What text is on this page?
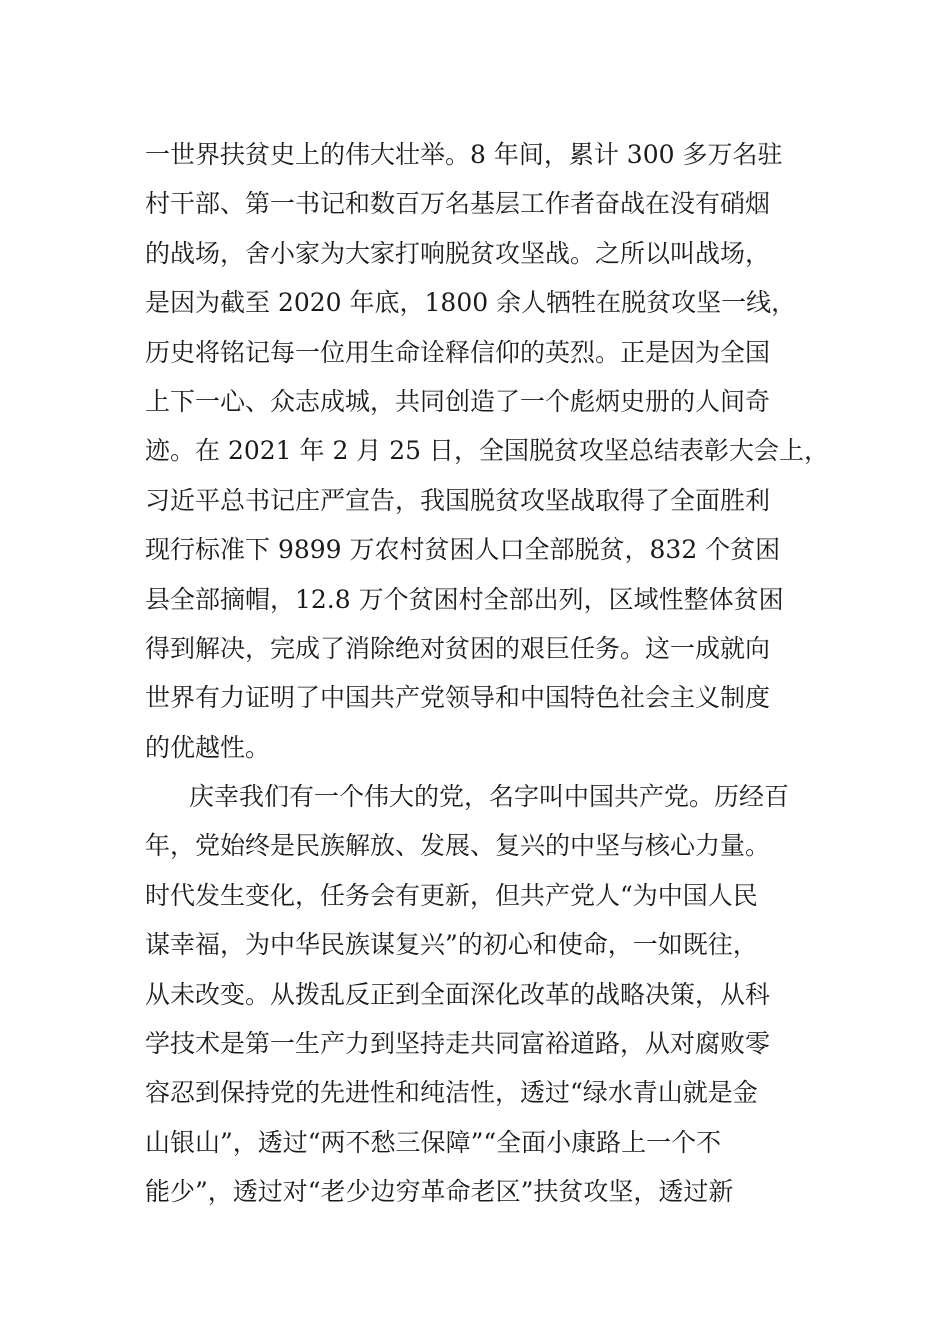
一世界扶贫史上的伟大壮举。8 年间，累计 300 多万名驻
村干部、第一书记和数百万名基层工作者奋战在没有硝烟
的战场，舍小家为大家打响脱贫攻坚战。之所以叫战场，
是因为截至 2020 年底，1800 余人牺牲在脱贫攻坚一线，
历史将铭记每一位用生命诠释信仰的英烈。正是因为全国
上下一心、众志成城，共同创造了一个彪炳史册的人间奇
迹。在 2021 年 2 月 25 日，全国脱贫攻坚总结表彰大会上，
习近平总书记庄严宣告，我国脱贫攻坚战取得了全面胜利
现行标准下 9899 万农村贫困人口全部脱贫，832 个贫困
县全部摘帽，12.8 万个贫困村全部出列，区域性整体贫困
得到解决，完成了消除绝对贫困的艰巨任务。这一成就向
世界有力证明了中国共产党领导和中国特色社会主义制度
的优越性。
庆幸我们有一个伟大的党，名字叫中国共产党。历经百
年，党始终是民族解放、发展、复兴的中坚与核心力量。
时代发生变化，任务会有更新，但共产党人“为中国人民
谋幸福，为中华民族谋复兴”的初心和使命，一如既往，
从未改变。从拨乱反正到全面深化改革的战略决策，从科
学技术是第一生产力到坚持走共同富裕道路，从对腐败零
容忍到保持党的先进性和纯洁性，透过“绿水青山就是金
山银山”，透过“两不愁三保障”“全面小康路上一个不
能少”，透过对“老少边穷革命老区”扶贫攻坚，透过新
